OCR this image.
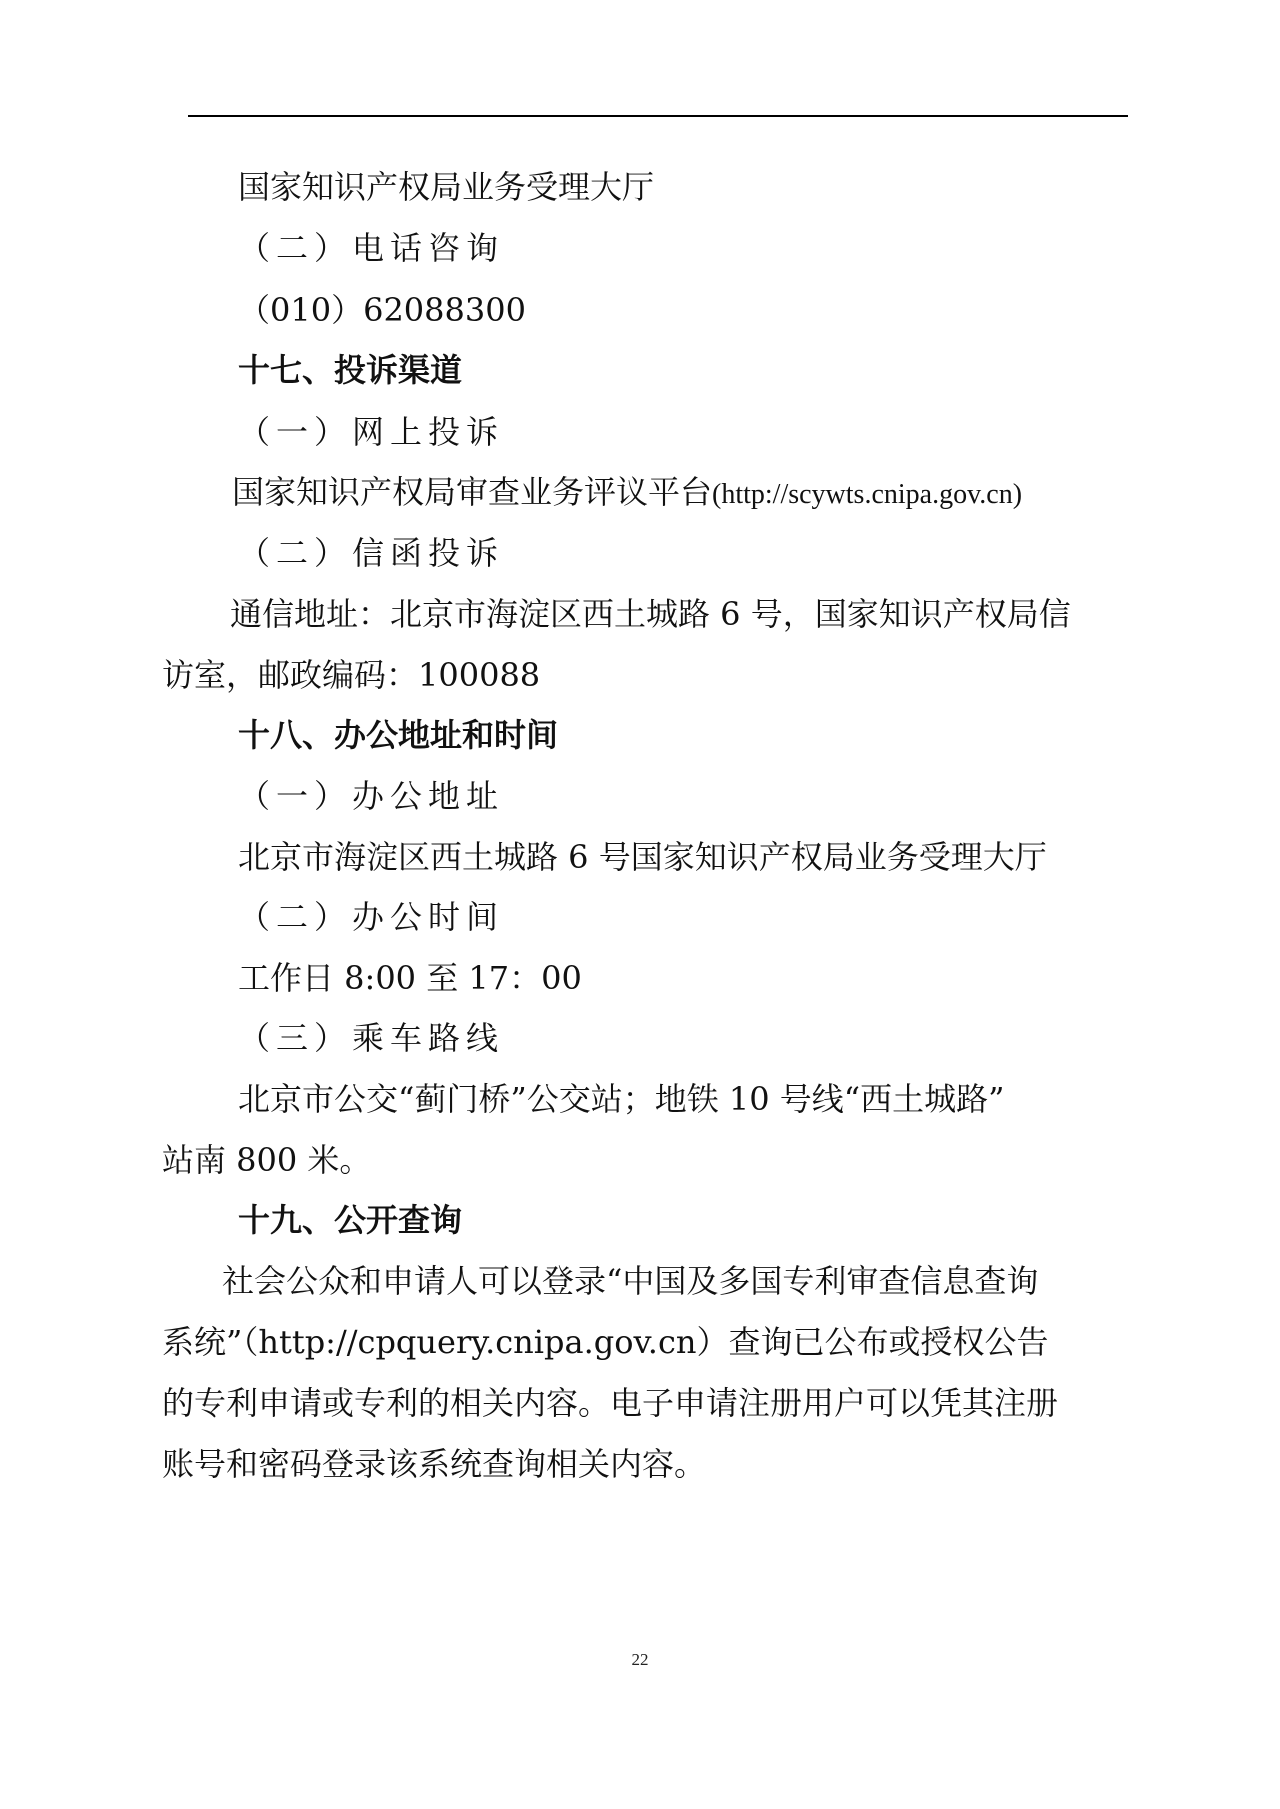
国家知识产权局业务受理大厅
（二）电话咨询
（010）62088300
十七、投诉渠道
（一）网上投诉
国家知识产权局审查业务评议平台(http://scywts.cnipa.gov.cn)
（二）信函投诉
通信地址：北京市海淀区西土城路 6 号，国家知识产权局信
访室，邮政编码：100088
十八、办公地址和时间
（一）办公地址
北京市海淀区西土城路 6 号国家知识产权局业务受理大厅
（二）办公时间
工作日 8:00 至 17：00
（三）乘车路线
北京市公交“蓟门桥”公交站；地铁 10 号线“西土城路”
站南 800 米。
十九、公开查询
社会公众和申请人可以登录“中国及多国专利审查信息查询
系统”（http://cpquery.cnipa.gov.cn）查询已公布或授权公告
的专利申请或专利的相关内容。电子申请注册用户可以凭其注册
账号和密码登录该系统查询相关内容。
22
